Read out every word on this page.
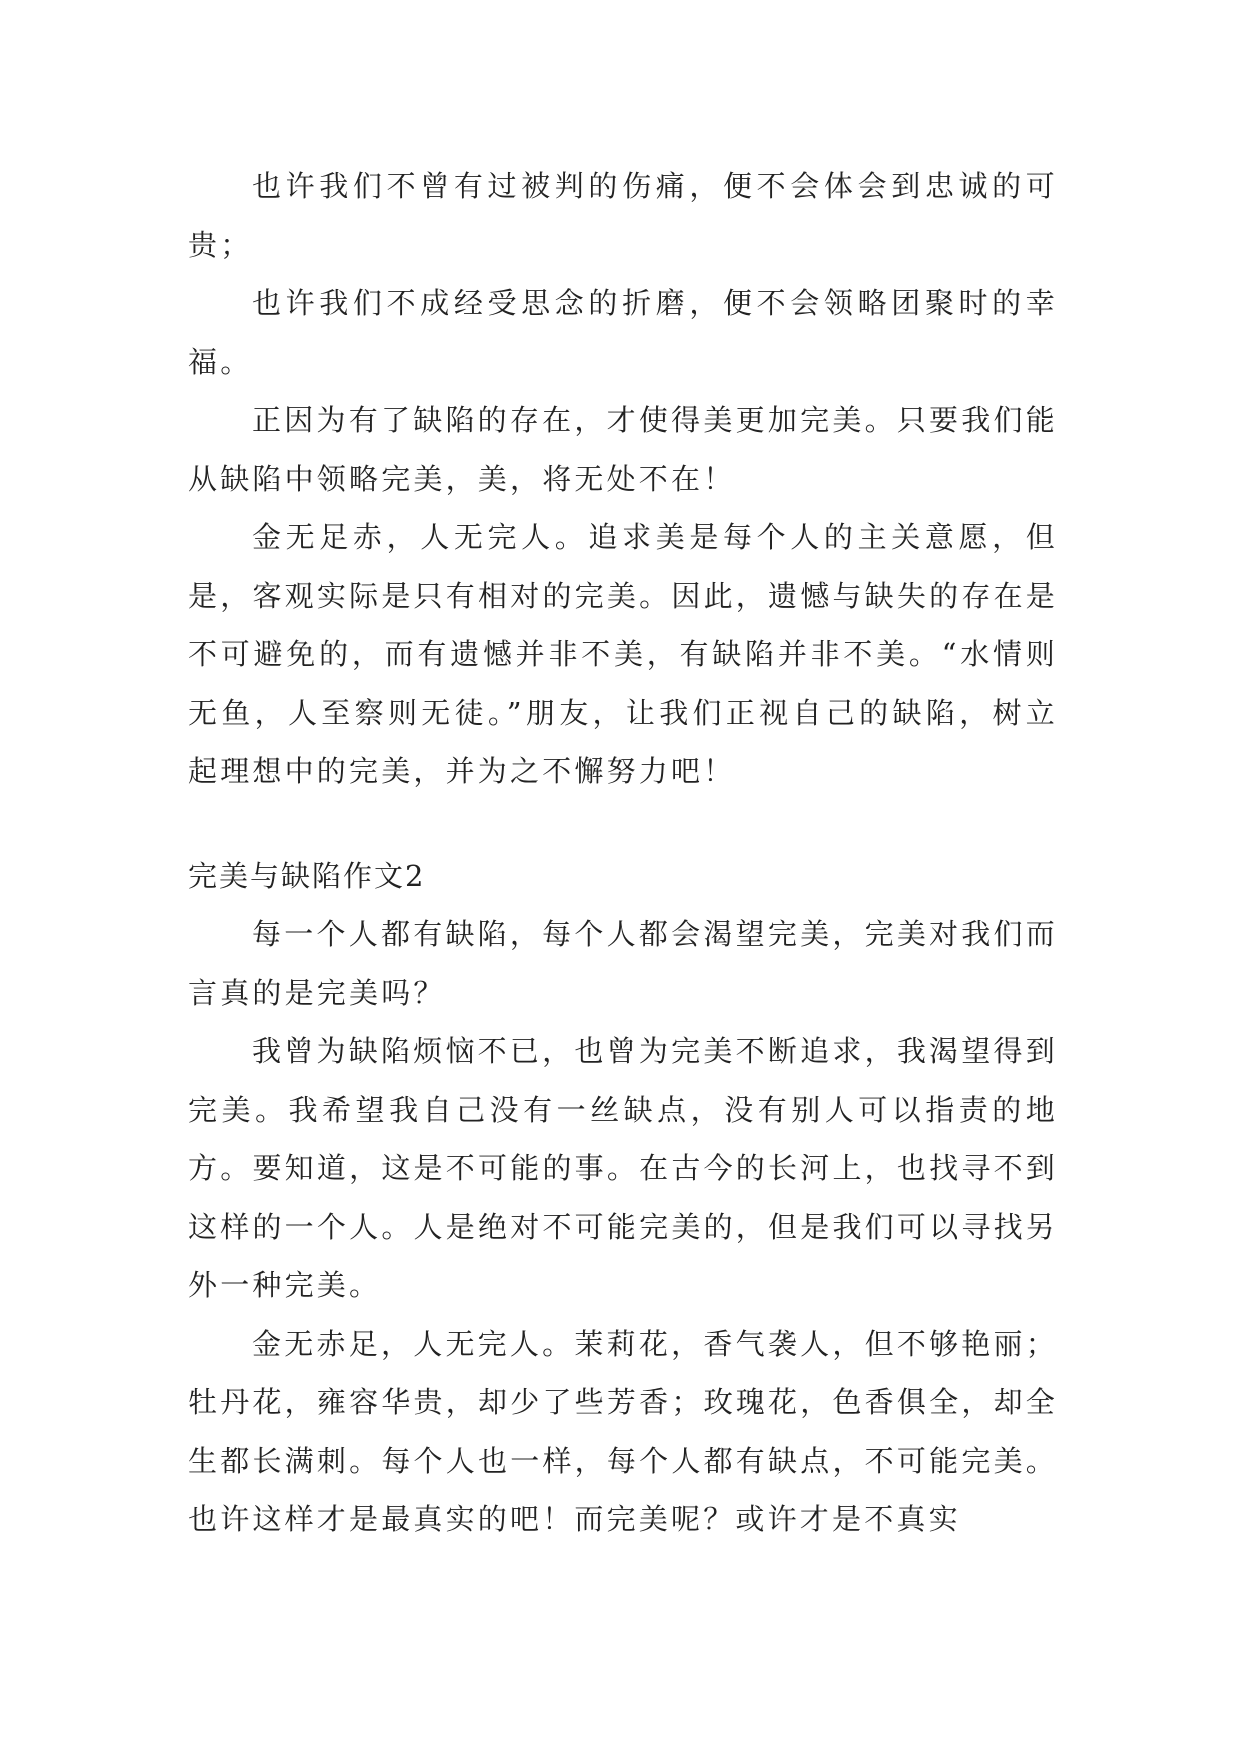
也许我们不曾有过被判的伤痛，便不会体会到忠诚的可贵；

也许我们不成经受思念的折磨，便不会领略团聚时的幸福。

正因为有了缺陷的存在，才使得美更加完美。只要我们能从缺陷中领略完美，美，将无处不在！

金无足赤，人无完人。追求美是每个人的主关意愿，但是，客观实际是只有相对的完美。因此，遗憾与缺失的存在是不可避免的，而有遗憾并非不美，有缺陷并非不美。“水情则无鱼，人至察则无徒。”朋友，让我们正视自己的缺陷，树立起理想中的完美，并为之不懈努力吧！

完美与缺陷作文2

每一个人都有缺陷，每个人都会渴望完美，完美对我们而言真的是完美吗？

我曾为缺陷烦恼不已，也曾为完美不断追求，我渴望得到完美。我希望我自己没有一丝缺点，没有别人可以指责的地方。要知道，这是不可能的事。在古今的长河上，也找寻不到这样的一个人。人是绝对不可能完美的，但是我们可以寻找另外一种完美。

金无赤足，人无完人。茉莉花，香气袭人，但不够艳丽；牡丹花，雍容华贵，却少了些芳香；玫瑰花，色香俱全，却全生都长满刺。每个人也一样，每个人都有缺点，不可能完美。也许这样才是最真实的吧！而完美呢？或许才是不真实
